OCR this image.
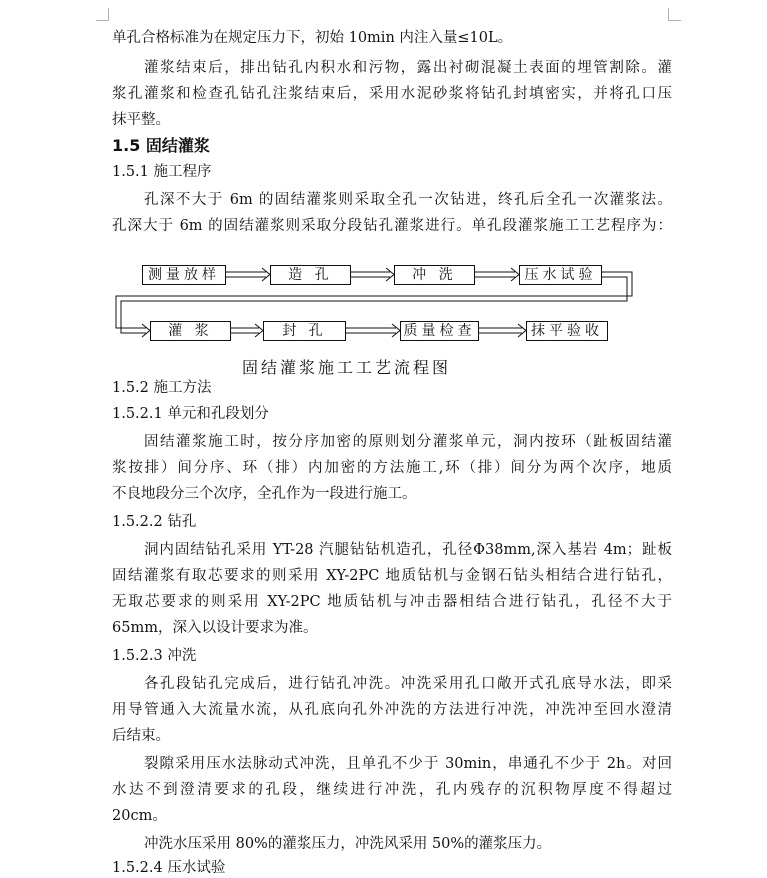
单孔合格标准为在规定压力下，初始 10min 内注入量≤10L。
灌浆结束后，排出钻孔内积水和污物，露出衬砌混凝土表面的埋管割除。灌
浆孔灌浆和检查孔钻孔注浆结束后，采用水泥砂浆将钻孔封填密实，并将孔口压
抹平整。
1.5 固结灌浆
1.5.1 施工程序
孔深不大于 6m 的固结灌浆则采取全孔一次钻进，终孔后全孔一次灌浆法。
孔深大于 6m 的固结灌浆则采取分段钻孔灌浆进行。单孔段灌浆施工工艺程序为：
测量放样	造 孔	冲 洗	压水试验
灌 浆	封 孔	质量检查	抹平验收
固结灌浆施工工艺流程图
1.5.2 施工方法
1.5.2.1 单元和孔段划分
固结灌浆施工时，按分序加密的原则划分灌浆单元，洞内按环（趾板固结灌
浆按排）间分序、环（排）内加密的方法施工,环（排）间分为两个次序，地质
不良地段分三个次序，全孔作为一段进行施工。
1.5.2.2 钻孔
洞内固结钻孔采用 YT-28 汽腿钻钻机造孔，孔径Φ38mm,深入基岩 4m；趾板
固结灌浆有取芯要求的则采用 XY-2PC 地质钻机与金钢石钻头相结合进行钻孔，
无取芯要求的则采用 XY-2PC 地质钻机与冲击器相结合进行钻孔，孔径不大于
65mm，深入以设计要求为准。
1.5.2.3 冲洗
各孔段钻孔完成后，进行钻孔冲洗。冲洗采用孔口敞开式孔底导水法，即采
用导管通入大流量水流，从孔底向孔外冲洗的方法进行冲洗，冲洗冲至回水澄清
后结束。
裂隙采用压水法脉动式冲洗，且单孔不少于 30min，串通孔不少于 2h。对回
水达不到澄清要求的孔段，继续进行冲洗，孔内残存的沉积物厚度不得超过
20cm。
冲洗水压采用 80%的灌浆压力，冲洗风采用 50%的灌浆压力。
1.5.2.4 压水试验
